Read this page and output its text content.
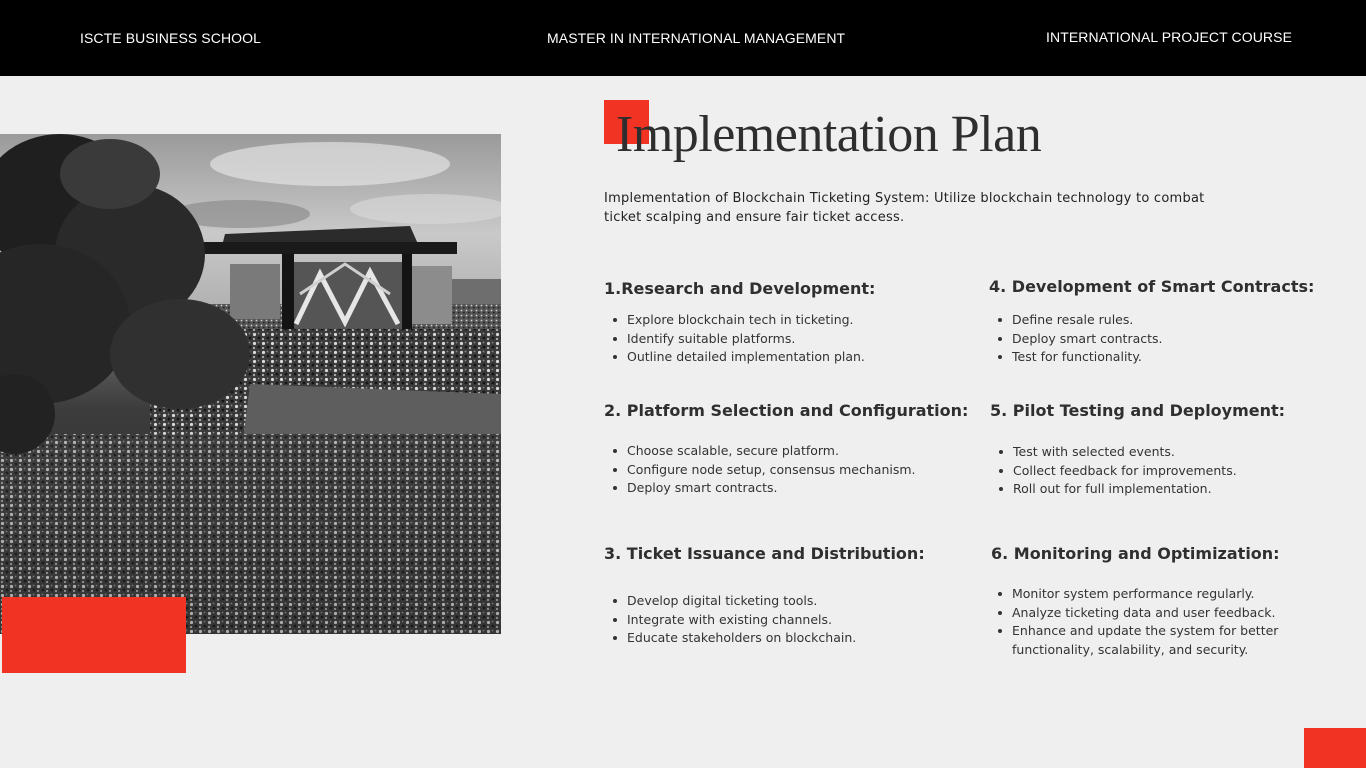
ISCTE BUSINESS SCHOOL	MASTER IN INTERNATIONAL MANAGEMENT	INTERNATIONAL PROJECT COURSE
Implementation Plan
Implementation of Blockchain Ticketing System: Utilize blockchain technology to combat ticket scalping and ensure fair ticket access.
1.Research and Development:
Explore blockchain tech in ticketing.
Identify suitable platforms.
Outline detailed implementation plan.
2. Platform Selection and Configuration:
Choose scalable, secure platform.
Configure node setup, consensus mechanism.
Deploy smart contracts.
3. Ticket Issuance and Distribution:
Develop digital ticketing tools.
Integrate with existing channels.
Educate stakeholders on blockchain.
4. Development of Smart Contracts:
Define resale rules.
Deploy smart contracts.
Test for functionality.
5. Pilot Testing and Deployment:
Test with selected events.
Collect feedback for improvements.
Roll out for full implementation.
6. Monitoring and Optimization:
Monitor system performance regularly.
Analyze ticketing data and user feedback.
Enhance and update the system for better functionality, scalability, and security.
